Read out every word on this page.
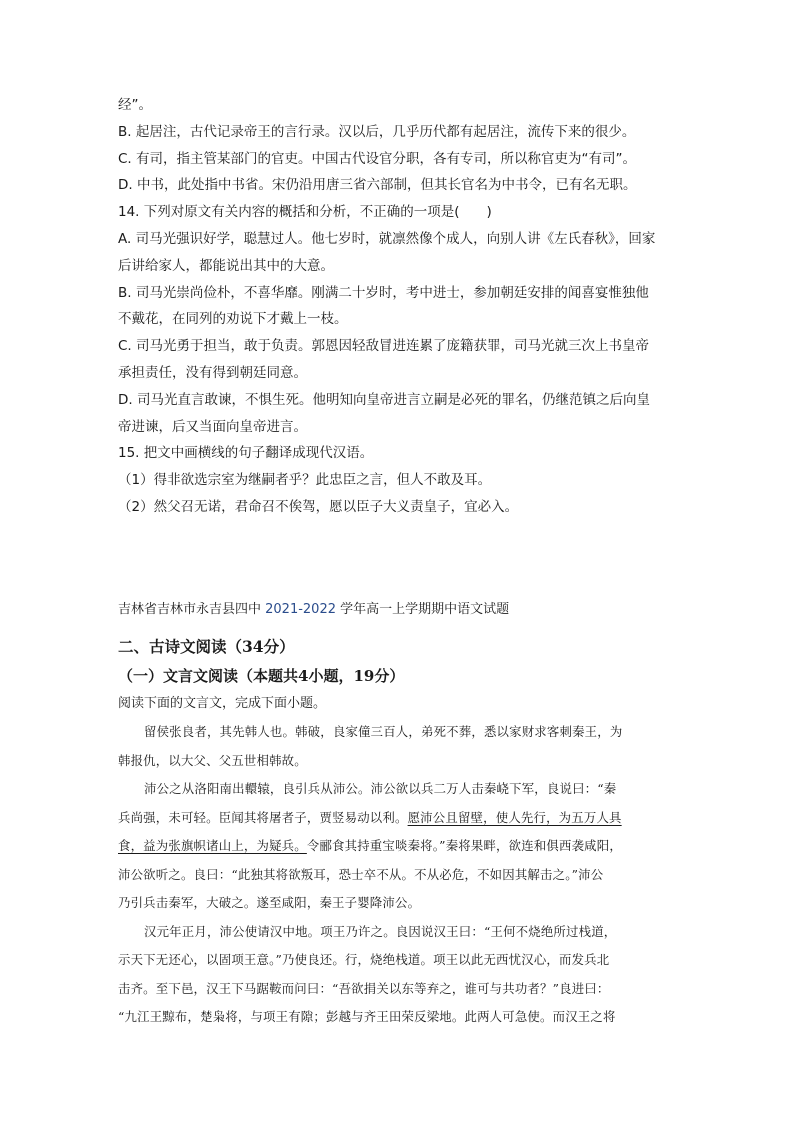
经”。
B. 起居注，古代记录帝王的言行录。汉以后，几乎历代都有起居注，流传下来的很少。
C. 有司，指主管某部门的官吏。中国古代设官分职，各有专司，所以称官吏为“有司”。
D. 中书，此处指中书省。宋仍沿用唐三省六部制，但其长官名为中书令，已有名无职。
14. 下列对原文有关内容的概括和分析，不正确的一项是(　　)
A. 司马光强识好学，聪慧过人。他七岁时，就凛然像个成人，向别人讲《左氏春秋》，回家
后讲给家人，都能说出其中的大意。
B. 司马光崇尚俭朴，不喜华靡。刚满二十岁时，考中进士，参加朝廷安排的闻喜宴惟独他
不戴花，在同列的劝说下才戴上一枝。
C. 司马光勇于担当，敢于负责。郭恩因轻敌冒进连累了庞籍获罪，司马光就三次上书皇帝
承担责任，没有得到朝廷同意。
D. 司马光直言敢谏，不惧生死。他明知向皇帝进言立嗣是必死的罪名，仍继范镇之后向皇
帝进谏，后又当面向皇帝进言。
15. 把文中画横线的句子翻译成现代汉语。
（1）得非欲选宗室为继嗣者乎？此忠臣之言，但人不敢及耳。
（2）然父召无诺，君命召不俟驾，愿以臣子大义责皇子，宜必入。
吉林省吉林市永吉县四中 2021-2022 学年高一上学期期中语文试题
二、古诗文阅读（34分）
（一）文言文阅读（本题共4小题，19分）
阅读下面的文言文，完成下面小题。
留侯张良者，其先韩人也。韩破，良家僮三百人，弟死不葬，悉以家财求客刺秦王，为
韩报仇，以大父、父五世相韩故。
沛公之从洛阳南出轘辕，良引兵从沛公。沛公欲以兵二万人击秦峣下军，良说曰：“秦
兵尚强，未可轻。臣闻其将屠者子，贾竖易动以利。愿沛公且留壁，使人先行，为五万人具
食，益为张旗帜诸山上，为疑兵。令郦食其持重宝啖秦将。”秦将果畔，欲连和俱西袭咸阳，
沛公欲听之。良曰：“此独其将欲叛耳，恐士卒不从。不从必危，不如因其解击之。”沛公
乃引兵击秦军，大破之。遂至咸阳，秦王子婴降沛公。
汉元年正月，沛公使请汉中地。项王乃许之。良因说汉王曰：“王何不烧绝所过栈道，
示天下无还心，以固项王意。”乃使良还。行，烧绝栈道。项王以此无西忧汉心，而发兵北
击齐。至下邑，汉王下马踞鞍而问曰：“吾欲捐关以东等弃之，谁可与共功者？”良进曰：
“九江王黥布，楚枭将，与项王有隙；彭越与齐王田荣反梁地。此两人可急使。而汉王之将
